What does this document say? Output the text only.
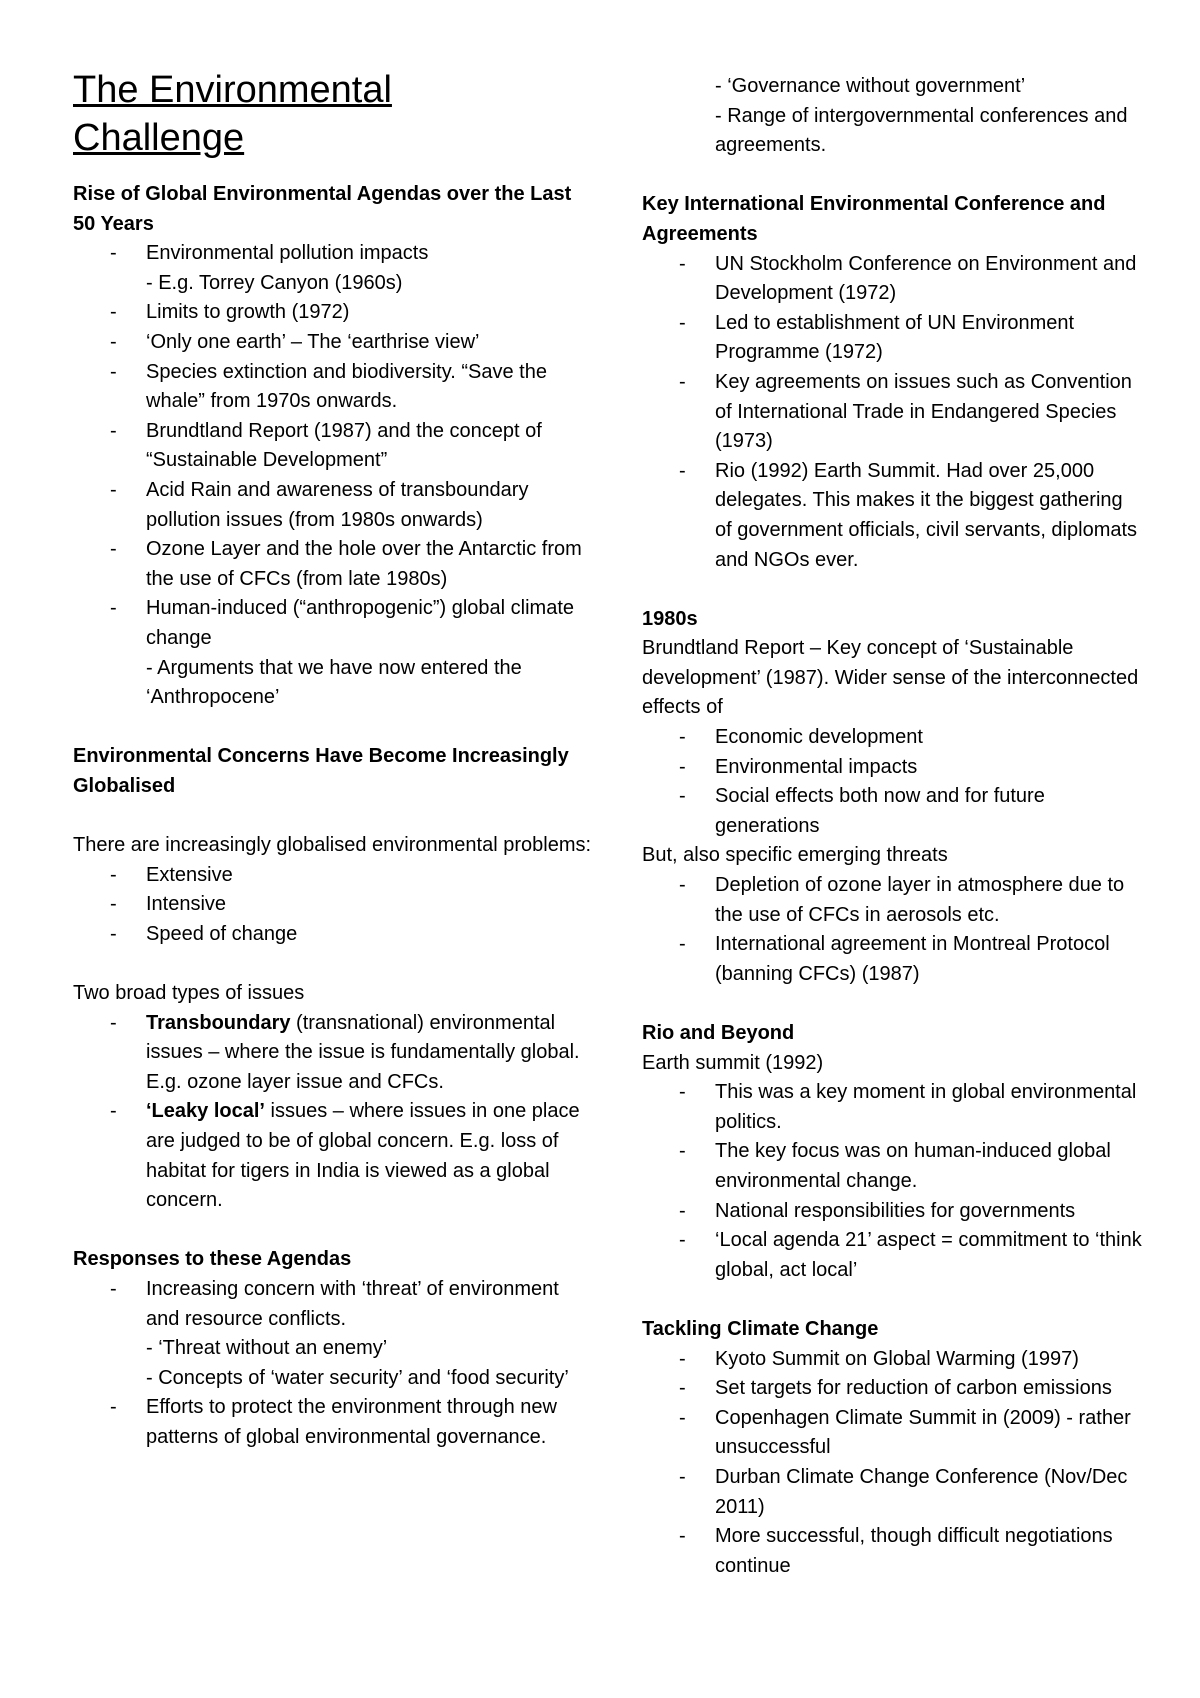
The Environmental
Challenge
Rise of Global Environmental Agendas over the Last 50 Years
- Environmental pollution impacts
- E.g. Torrey Canyon (1960s)
- Limits to growth (1972)
- ‘Only one earth’ – The ‘earthrise view’
- Species extinction and biodiversity. “Save the whale” from 1970s onwards.
- Brundtland Report (1987) and the concept of “Sustainable Development”
- Acid Rain and awareness of transboundary pollution issues (from 1980s onwards)
- Ozone Layer and the hole over the Antarctic from the use of CFCs (from late 1980s)
- Human-induced (“anthropogenic”) global climate change
- Arguments that we have now entered the ‘Anthropocene’
Environmental Concerns Have Become Increasingly Globalised

There are increasingly globalised environmental problems:

- Extensive
- Intensive
- Speed of change

Two broad types of issues

- Transboundary (transnational) environmental issues – where the issue is fundamentally global. E.g. ozone layer issue and CFCs.
- ‘Leaky local’ issues – where issues in one place are judged to be of global concern. E.g. loss of habitat for tigers in India is viewed as a global concern.
Responses to these Agendas
- Increasing concern with ‘threat’ of environment and resource conflicts.
- ‘Threat without an enemy’
- Concepts of ‘water security’ and ‘food security’
- Efforts to protect the environment through new patterns of global environmental governance.

- ‘Governance without government’

- Range of intergovernmental conferences and agreements.

Key International Environmental Conference and Agreements
- UN Stockholm Conference on Environment and Development (1972)
- Led to establishment of UN Environment Programme (1972)
- Key agreements on issues such as Convention of International Trade in Endangered Species (1973)
- Rio (1992) Earth Summit. Had over 25,000 delegates. This makes it the biggest gathering of government officials, civil servants, diplomats and NGOs ever.
1980s

Brundtland Report – Key concept of ‘Sustainable development’ (1987). Wider sense of the interconnected effects of

- Economic development
- Environmental impacts
- Social effects both now and for future generations

But, also specific emerging threats

- Depletion of ozone layer in atmosphere due to the use of CFCs in aerosols etc.
- International agreement in Montreal Protocol (banning CFCs) (1987)
Rio and Beyond

Earth summit (1992)

- This was a key moment in global environmental politics.
- The key focus was on human-induced global environmental change.
- National responsibilities for governments
- ‘Local agenda 21’ aspect = commitment to ‘think global, act local’
Tackling Climate Change
- Kyoto Summit on Global Warming (1997)
- Set targets for reduction of carbon emissions
- Copenhagen Climate Summit in (2009) - rather unsuccessful
- Durban Climate Change Conference (Nov/Dec 2011)
- More successful, though difficult negotiations continue
